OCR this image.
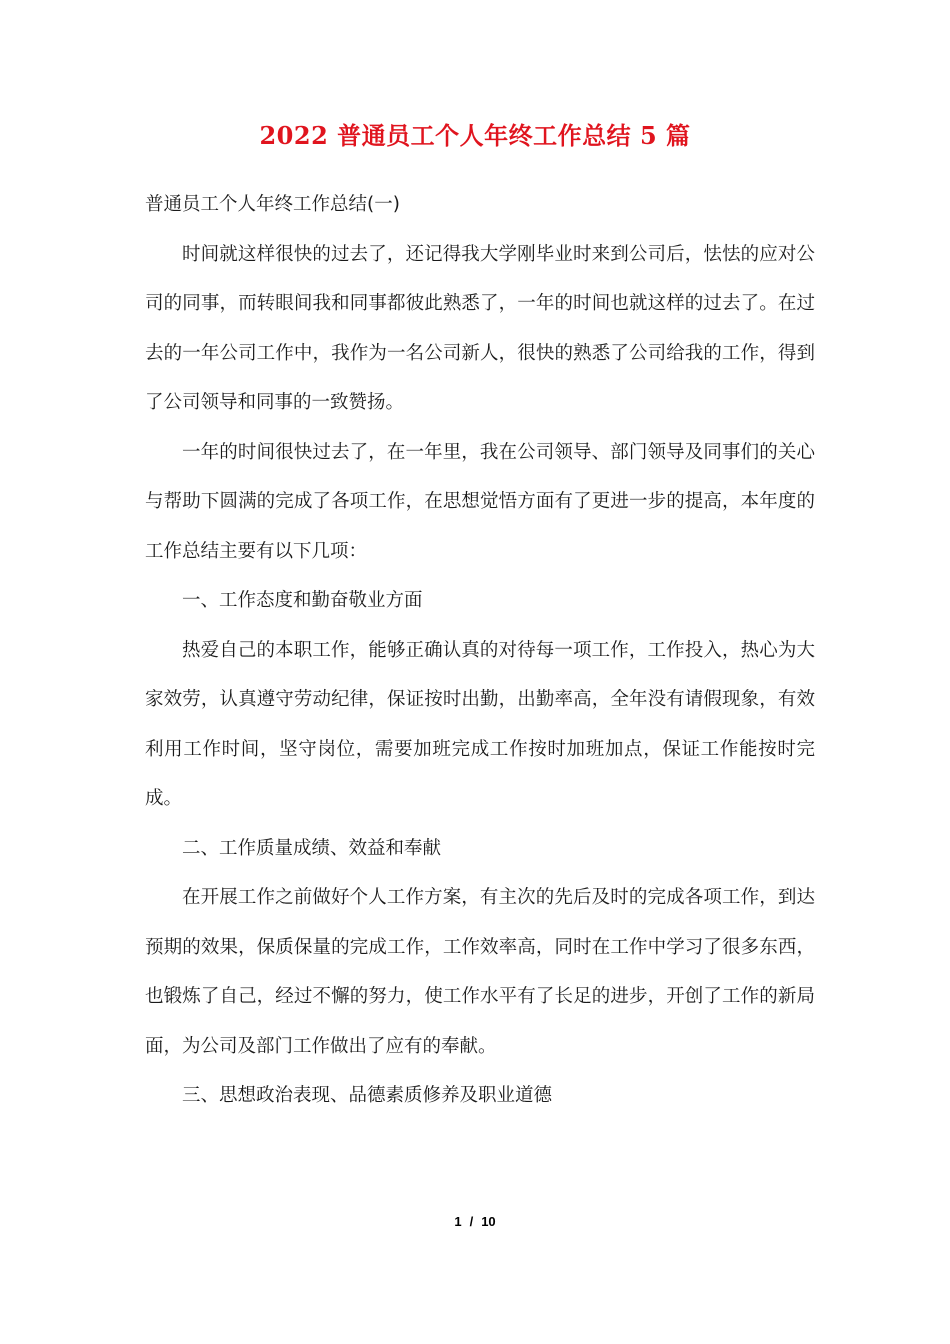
2022 普通员工个人年终工作总结 5 篇

普通员工个人年终工作总结(一)

时间就这样很快的过去了，还记得我大学刚毕业时来到公司后，怯怯的应对公司的同事，而转眼间我和同事都彼此熟悉了，一年的时间也就这样的过去了。在过去的一年公司工作中，我作为一名公司新人，很快的熟悉了公司给我的工作，得到了公司领导和同事的一致赞扬。

一年的时间很快过去了，在一年里，我在公司领导、部门领导及同事们的关心与帮助下圆满的完成了各项工作，在思想觉悟方面有了更进一步的提高，本年度的工作总结主要有以下几项：

一、工作态度和勤奋敬业方面

热爱自己的本职工作，能够正确认真的对待每一项工作，工作投入，热心为大家效劳，认真遵守劳动纪律，保证按时出勤，出勤率高，全年没有请假现象，有效利用工作时间，坚守岗位，需要加班完成工作按时加班加点，保证工作能按时完成。

二、工作质量成绩、效益和奉献

在开展工作之前做好个人工作方案，有主次的先后及时的完成各项工作，到达预期的效果，保质保量的完成工作，工作效率高，同时在工作中学习了很多东西，也锻炼了自己，经过不懈的努力，使工作水平有了长足的进步，开创了工作的新局面，为公司及部门工作做出了应有的奉献。

三、思想政治表现、品德素质修养及职业道德

1 / 10
